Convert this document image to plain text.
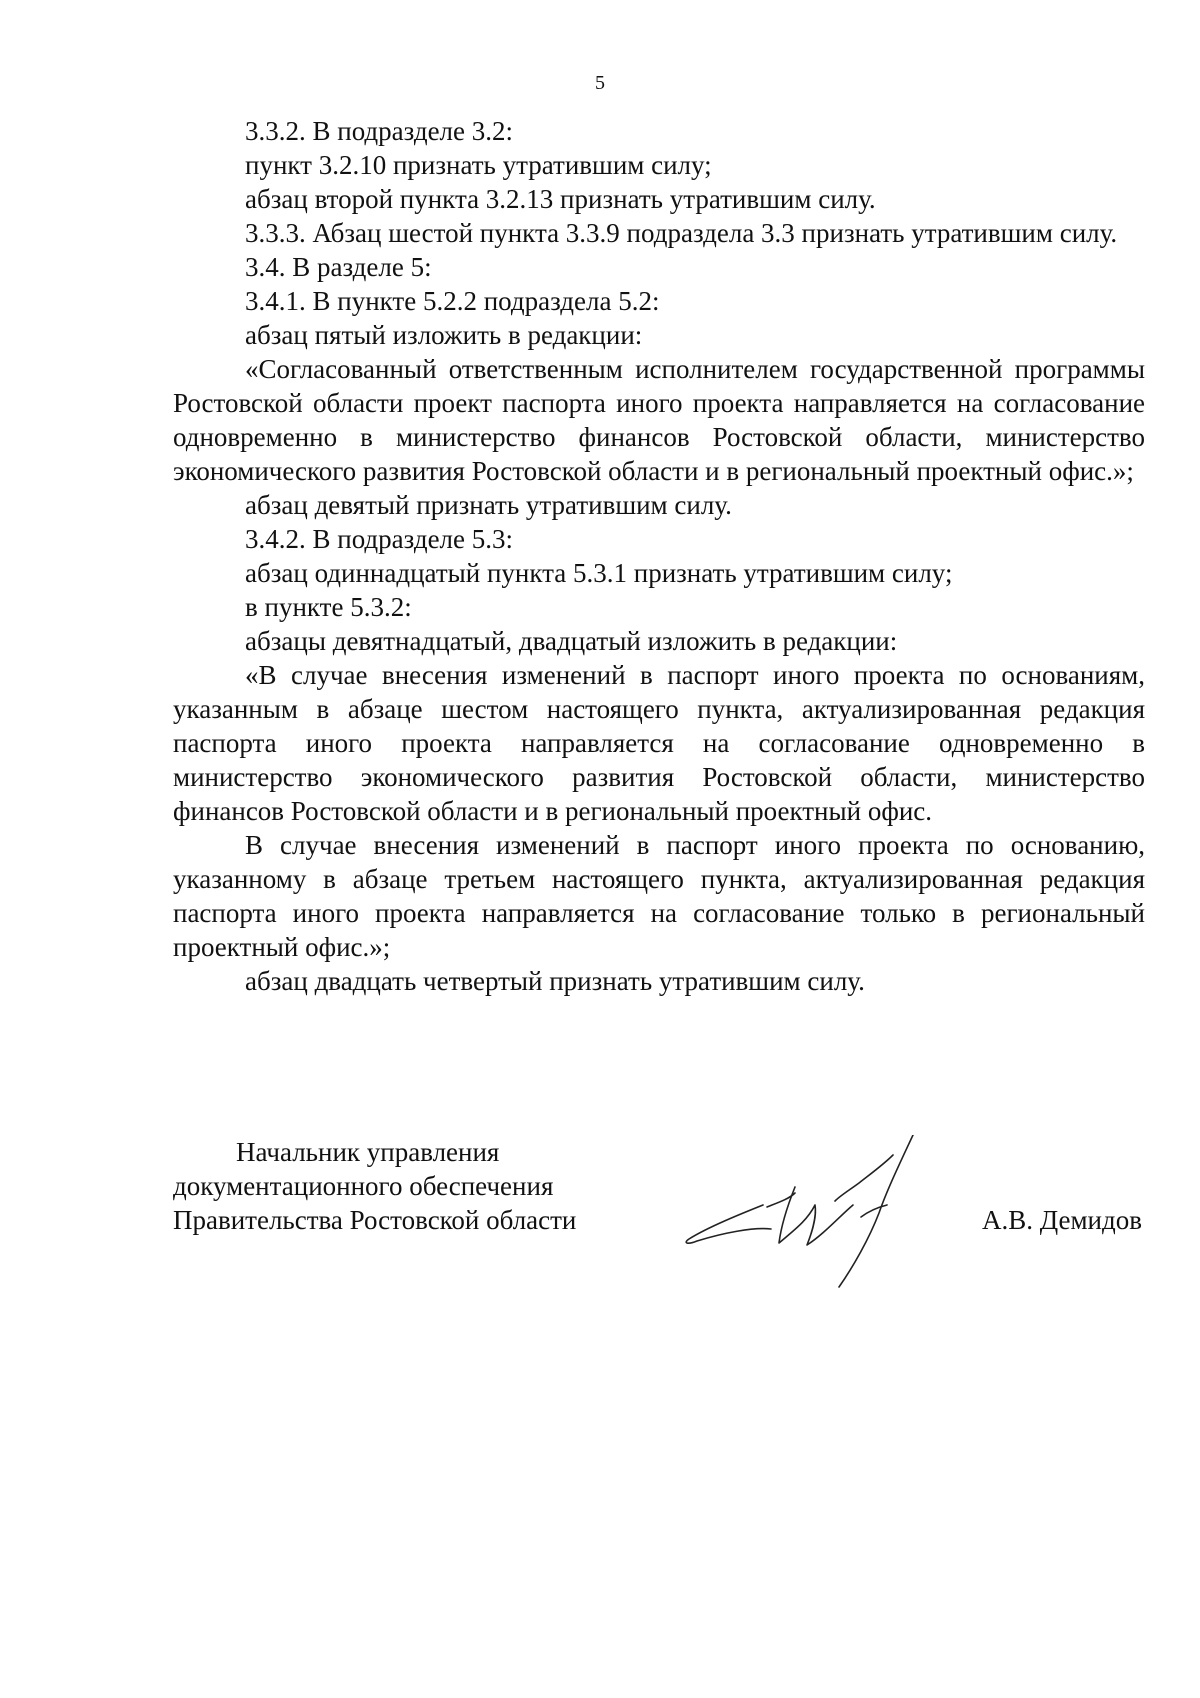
5

3.3.2. В подразделе 3.2:

пункт 3.2.10 признать утратившим силу;

абзац второй пункта 3.2.13 признать утратившим силу.

3.3.3. Абзац шестой пункта 3.3.9 подраздела 3.3 признать утратившим силу.

3.4. В разделе 5:

3.4.1. В пункте 5.2.2 подраздела 5.2:

абзац пятый изложить в редакции:

«Согласованный ответственным исполнителем государственной программы Ростовской области проект паспорта иного проекта направляется на согласование одновременно в министерство финансов Ростовской области, министерство экономического развития Ростовской области и в региональный проектный офис.»;

абзац девятый признать утратившим силу.

3.4.2. В подразделе 5.3:

абзац одиннадцатый пункта 5.3.1 признать утратившим силу;

в пункте 5.3.2:

абзацы девятнадцатый, двадцатый изложить в редакции:

«В случае внесения изменений в паспорт иного проекта по основаниям, указанным в абзаце шестом настоящего пункта, актуализированная редакция паспорта иного проекта направляется на согласование одновременно в министерство экономического развития Ростовской области, министерство финансов Ростовской области и в региональный проектный офис.

В случае внесения изменений в паспорт иного проекта по основанию, указанному в абзаце третьем настоящего пункта, актуализированная редакция паспорта иного проекта направляется на согласование только в региональный проектный офис.»;

абзац двадцать четвертый признать утратившим силу.

Начальник управления
документационного обеспечения
Правительства Ростовской области	А.В. Демидов
